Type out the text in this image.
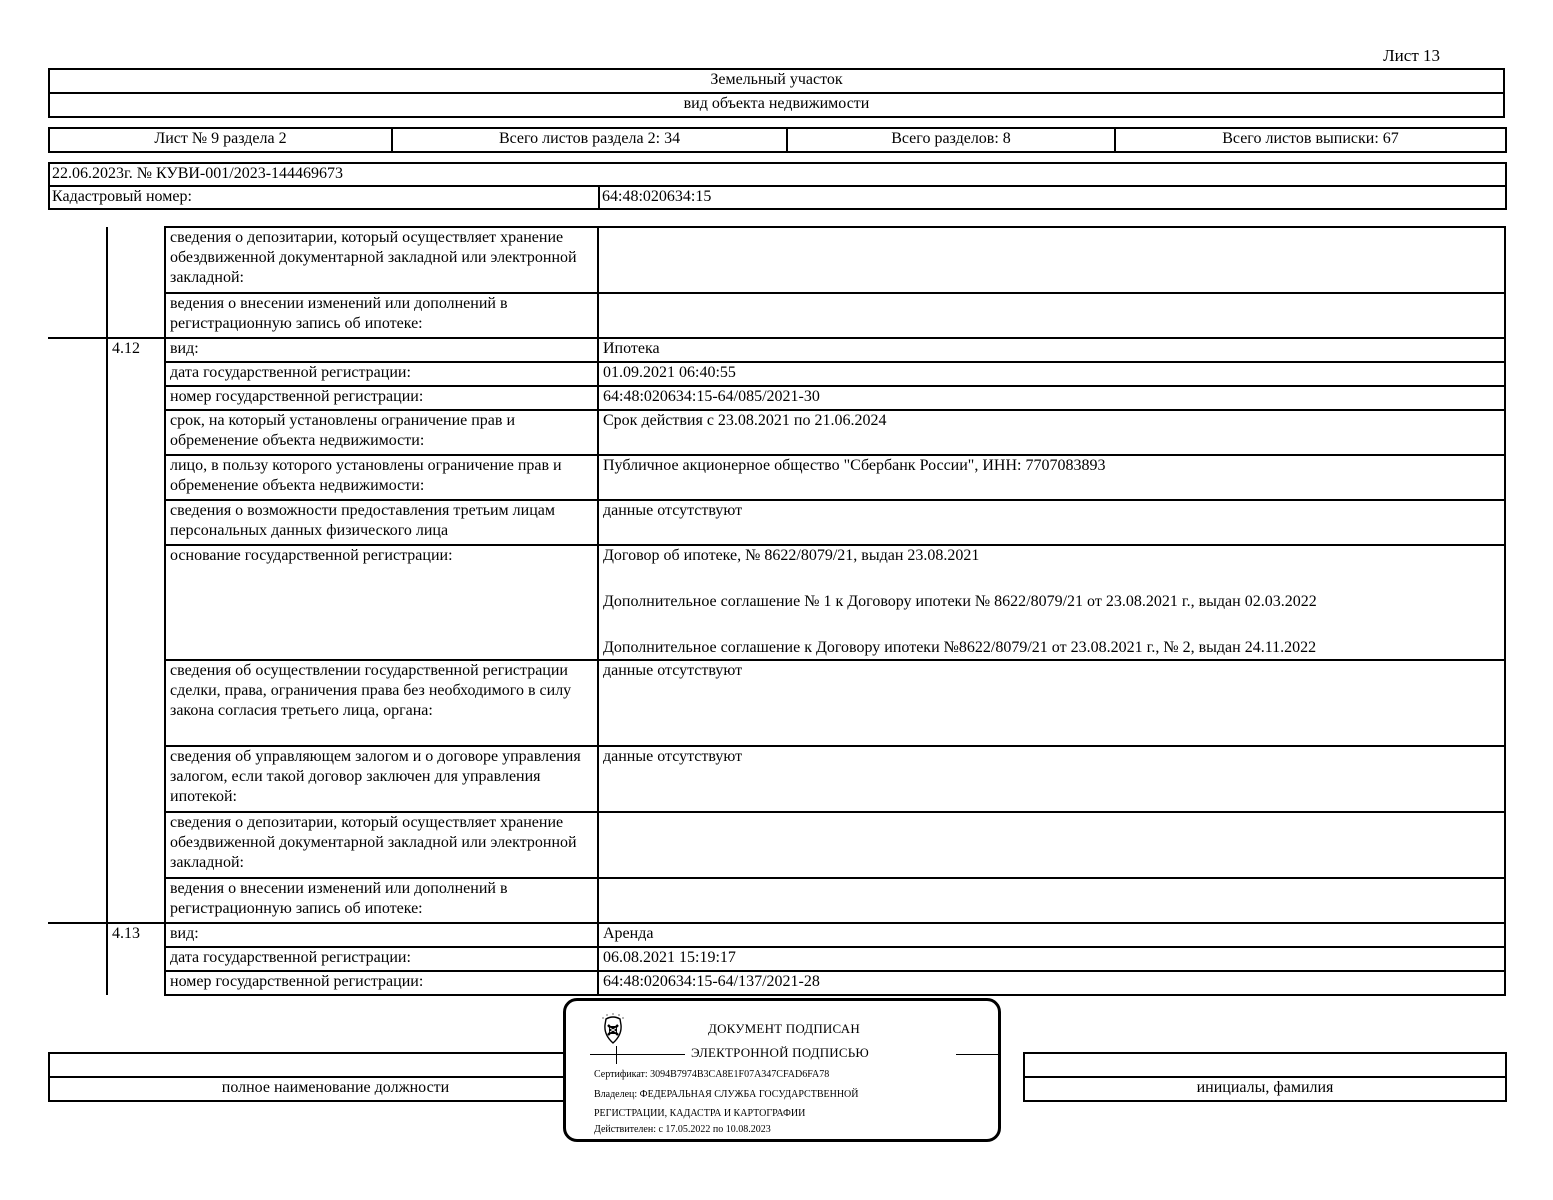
Лист 13
Земельный участок
вид объекта недвижимости
Лист № 9 раздела 2	Всего листов раздела 2: 34	Всего разделов: 8	Всего листов выписки: 67
22.06.2023г. № КУВИ-001/2023-144469673
Кадастровый номер:	64:48:020634:15
		сведения о депозитарии, который осуществляет хранение обездвиженной документарной закладной или электронной закладной:	
		ведения о внесении изменений или дополнений в регистрационную запись об ипотеке:	
	4.12	вид:	Ипотека
		дата государственной регистрации:	01.09.2021 06:40:55
		номер государственной регистрации:	64:48:020634:15-64/085/2021-30
		срок, на который установлены ограничение прав и обременение объекта недвижимости:	Срок действия с 23.08.2021 по 21.06.2024
		лицо, в пользу которого установлены ограничение прав и обременение объекта недвижимости:	Публичное акционерное общество "Сбербанк России", ИНН: 7707083893
		сведения о возможности предоставления третьим лицам персональных данных физического лица	данные отсутствуют
		основание государственной регистрации:	Договор об ипотеке, № 8622/8079/21, выдан 23.08.2021
Дополнительное соглашение № 1 к Договору ипотеки № 8622/8079/21 от 23.08.2021 г., выдан 02.03.2022
Дополнительное соглашение к Договору ипотеки №8622/8079/21 от 23.08.2021 г., № 2, выдан 24.11.2022

		сведения об осуществлении государственной регистрации сделки, права, ограничения права без необходимого в силу закона согласия третьего лица, органа:	данные отсутствуют
		сведения об управляющем залогом и о договоре управления залогом, если такой договор заключен для управления ипотекой:	данные отсутствуют
		сведения о депозитарии, который осуществляет хранение обездвиженной документарной закладной или электронной закладной:	
		ведения о внесении изменений или дополнений в регистрационную запись об ипотеке:	
	4.13	вид:	Аренда
		дата государственной регистрации:	06.08.2021 15:19:17
		номер государственной регистрации:	64:48:020634:15-64/137/2021-28

полное наименование должности		инициалы, фамилия
ДОКУМЕНТ ПОДПИСАН
ЭЛЕКТРОННОЙ ПОДПИСЬЮ
Сертификат: 3094B7974B3CA8E1F07A347CFAD6FA78
Владелец: ФЕДЕРАЛЬНАЯ СЛУЖБА ГОСУДАРСТВЕННОЙ
РЕГИСТРАЦИИ, КАДАСТРА И КАРТОГРАФИИ
Действителен: с 17.05.2022 по 10.08.2023
